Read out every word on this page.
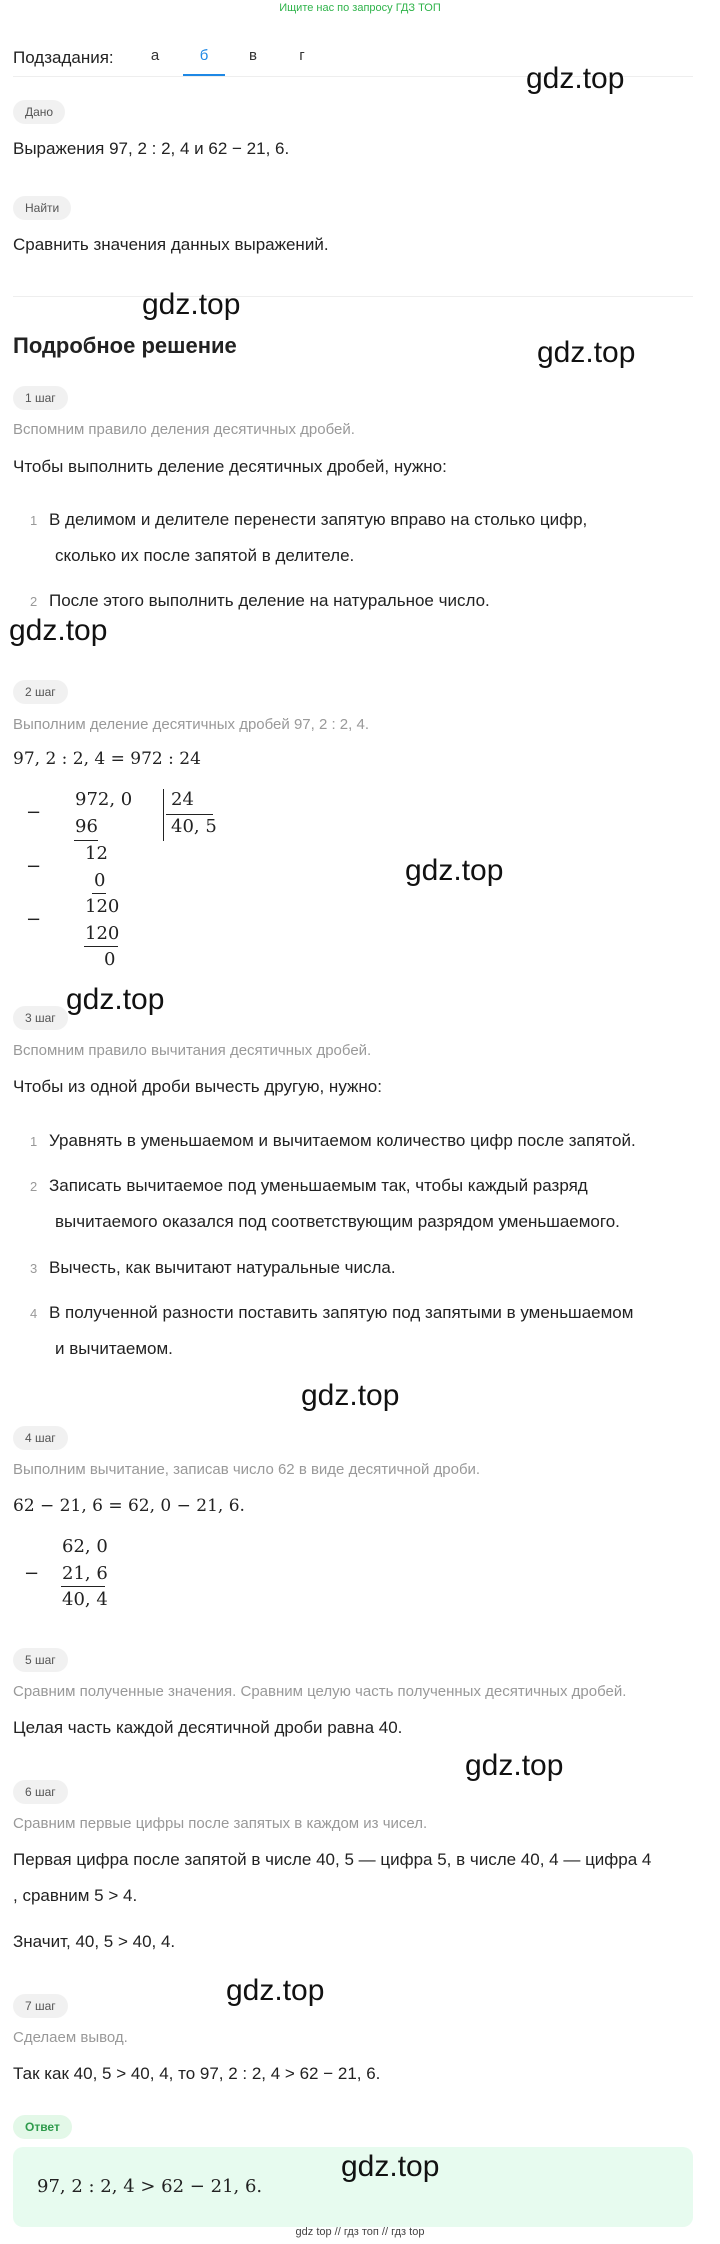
Ищите нас по запросу ГДЗ ТОП
Подзадания:	а	б	в	г
Дано
Выражения 97, 2 : 2, 4 и 62 − 21, 6.
Найти
Сравнить значения данных выражений.
Подробное решение
1 шаг
Вспомним правило деления десятичных дробей.
Чтобы выполнить деление десятичных дробей, нужно:
1 В делимом и делителе перенести запятую вправо на столько цифр,
сколько их после запятой в делителе.
2 После этого выполнить деление на натуральное число.
2 шаг
Выполним деление десятичных дробей 97, 2 : 2, 4.
97, 2 : 2, 4 = 972 : 24
−
972, 0 24
40, 5
96
−
12
0
−
120
120
0
3 шаг
Вспомним правило вычитания десятичных дробей.
Чтобы из одной дроби вычесть другую, нужно:
1 Уравнять в уменьшаемом и вычитаемом количество цифр после запятой.
2 Записать вычитаемое под уменьшаемым так, чтобы каждый разряд
вычитаемого оказался под соответствующим разрядом уменьшаемого.
3 Вычесть, как вычитают натуральные числа.
4 В полученной разности поставить запятую под запятыми в уменьшаемом
и вычитаемом.
4 шаг
Выполним вычитание, записав число 62 в виде десятичной дроби.
62 − 21, 6 = 62, 0 − 21, 6.
62, 0
− 21, 6
40, 4
5 шаг
Сравним полученные значения. Сравним целую часть полученных десятичных дробей.
Целая часть каждой десятичной дроби равна 40.
6 шаг
Сравним первые цифры после запятых в каждом из чисел.
Первая цифра после запятой в числе 40, 5 — цифра 5, в числе 40, 4 — цифра 4
, сравним 5 > 4.
Значит, 40, 5 > 40, 4.
7 шаг
Сделаем вывод.
Так как 40, 5 > 40, 4, то 97, 2 : 2, 4 > 62 − 21, 6.
Ответ
97, 2 : 2, 4 > 62 − 21, 6.
gdz.top
gdz.top
gdz.top
gdz.top
gdz.top
gdz.top
gdz.top
gdz.top
gdz.top
gdz.top
gdz top // гдз топ // гдз top
